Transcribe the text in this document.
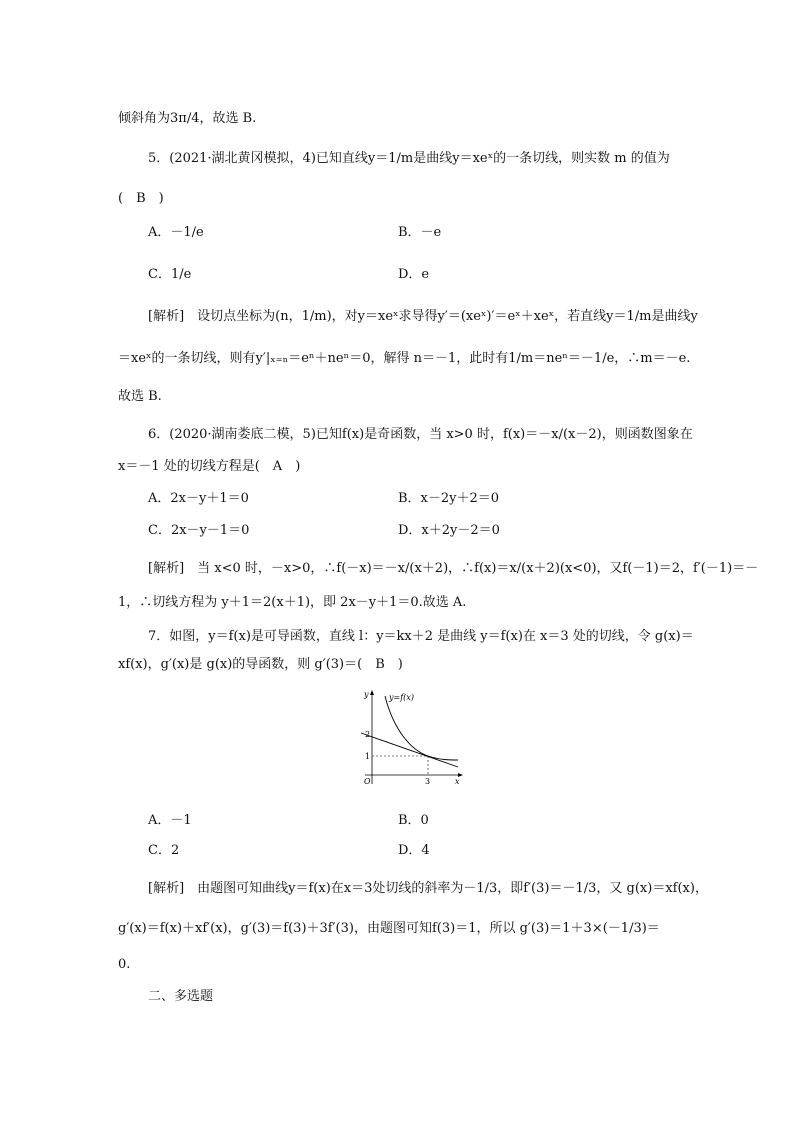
倾斜角为3π/4，故选 B.
5．(2021·湖北黄冈模拟，4)已知直线y＝1/m是曲线y＝xeˣ的一条切线，则实数 m 的值为
(　B　)
A．－1/e	B．－e
C．1/e	D．e
[解析]　设切点坐标为(n，1/m)，对y＝xeˣ求导得y′＝(xeˣ)′＝eˣ＋xeˣ，若直线y＝1/m是曲线y
＝xeˣ的一条切线，则有y′|ₓ₌ₙ＝eⁿ＋neⁿ＝0，解得 n＝－1，此时有1/m＝neⁿ＝－1/e，∴m＝－e.
故选 B.
6．(2020·湖南娄底二模，5)已知f(x)是奇函数，当 x>0 时，f(x)＝－x/(x－2)，则函数图象在
x＝－1 处的切线方程是(　A　)
A．2x－y＋1＝0	B．x－2y＋2＝0
C．2x－y－1＝0	D．x＋2y－2＝0
[解析]　当 x<0 时，－x>0，∴f(－x)＝－x/(x＋2)，∴f(x)＝x/(x＋2)(x<0)，又f(－1)＝2，f′(－1)＝－
1，∴切线方程为 y＋1＝2(x＋1)，即 2x－y＋1＝0.故选 A.
7．如图，y＝f(x)是可导函数，直线 l：y＝kx＋2 是曲线 y＝f(x)在 x＝3 处的切线，令 g(x)＝
xf(x)，g′(x)是 g(x)的导函数，则 g′(3)＝(　B　)
y	y=f(x)
2
1
O	3	x
A．－1	B．0
C．2	D．4
[解析]　由题图可知曲线y＝f(x)在x＝3处切线的斜率为－1/3，即f′(3)＝－1/3，又 g(x)＝xf(x)，
g′(x)＝f(x)＋xf′(x)，g′(3)＝f(3)＋3f′(3)，由题图可知f(3)＝1，所以 g′(3)＝1＋3×(－1/3)＝
0.
二、多选题
